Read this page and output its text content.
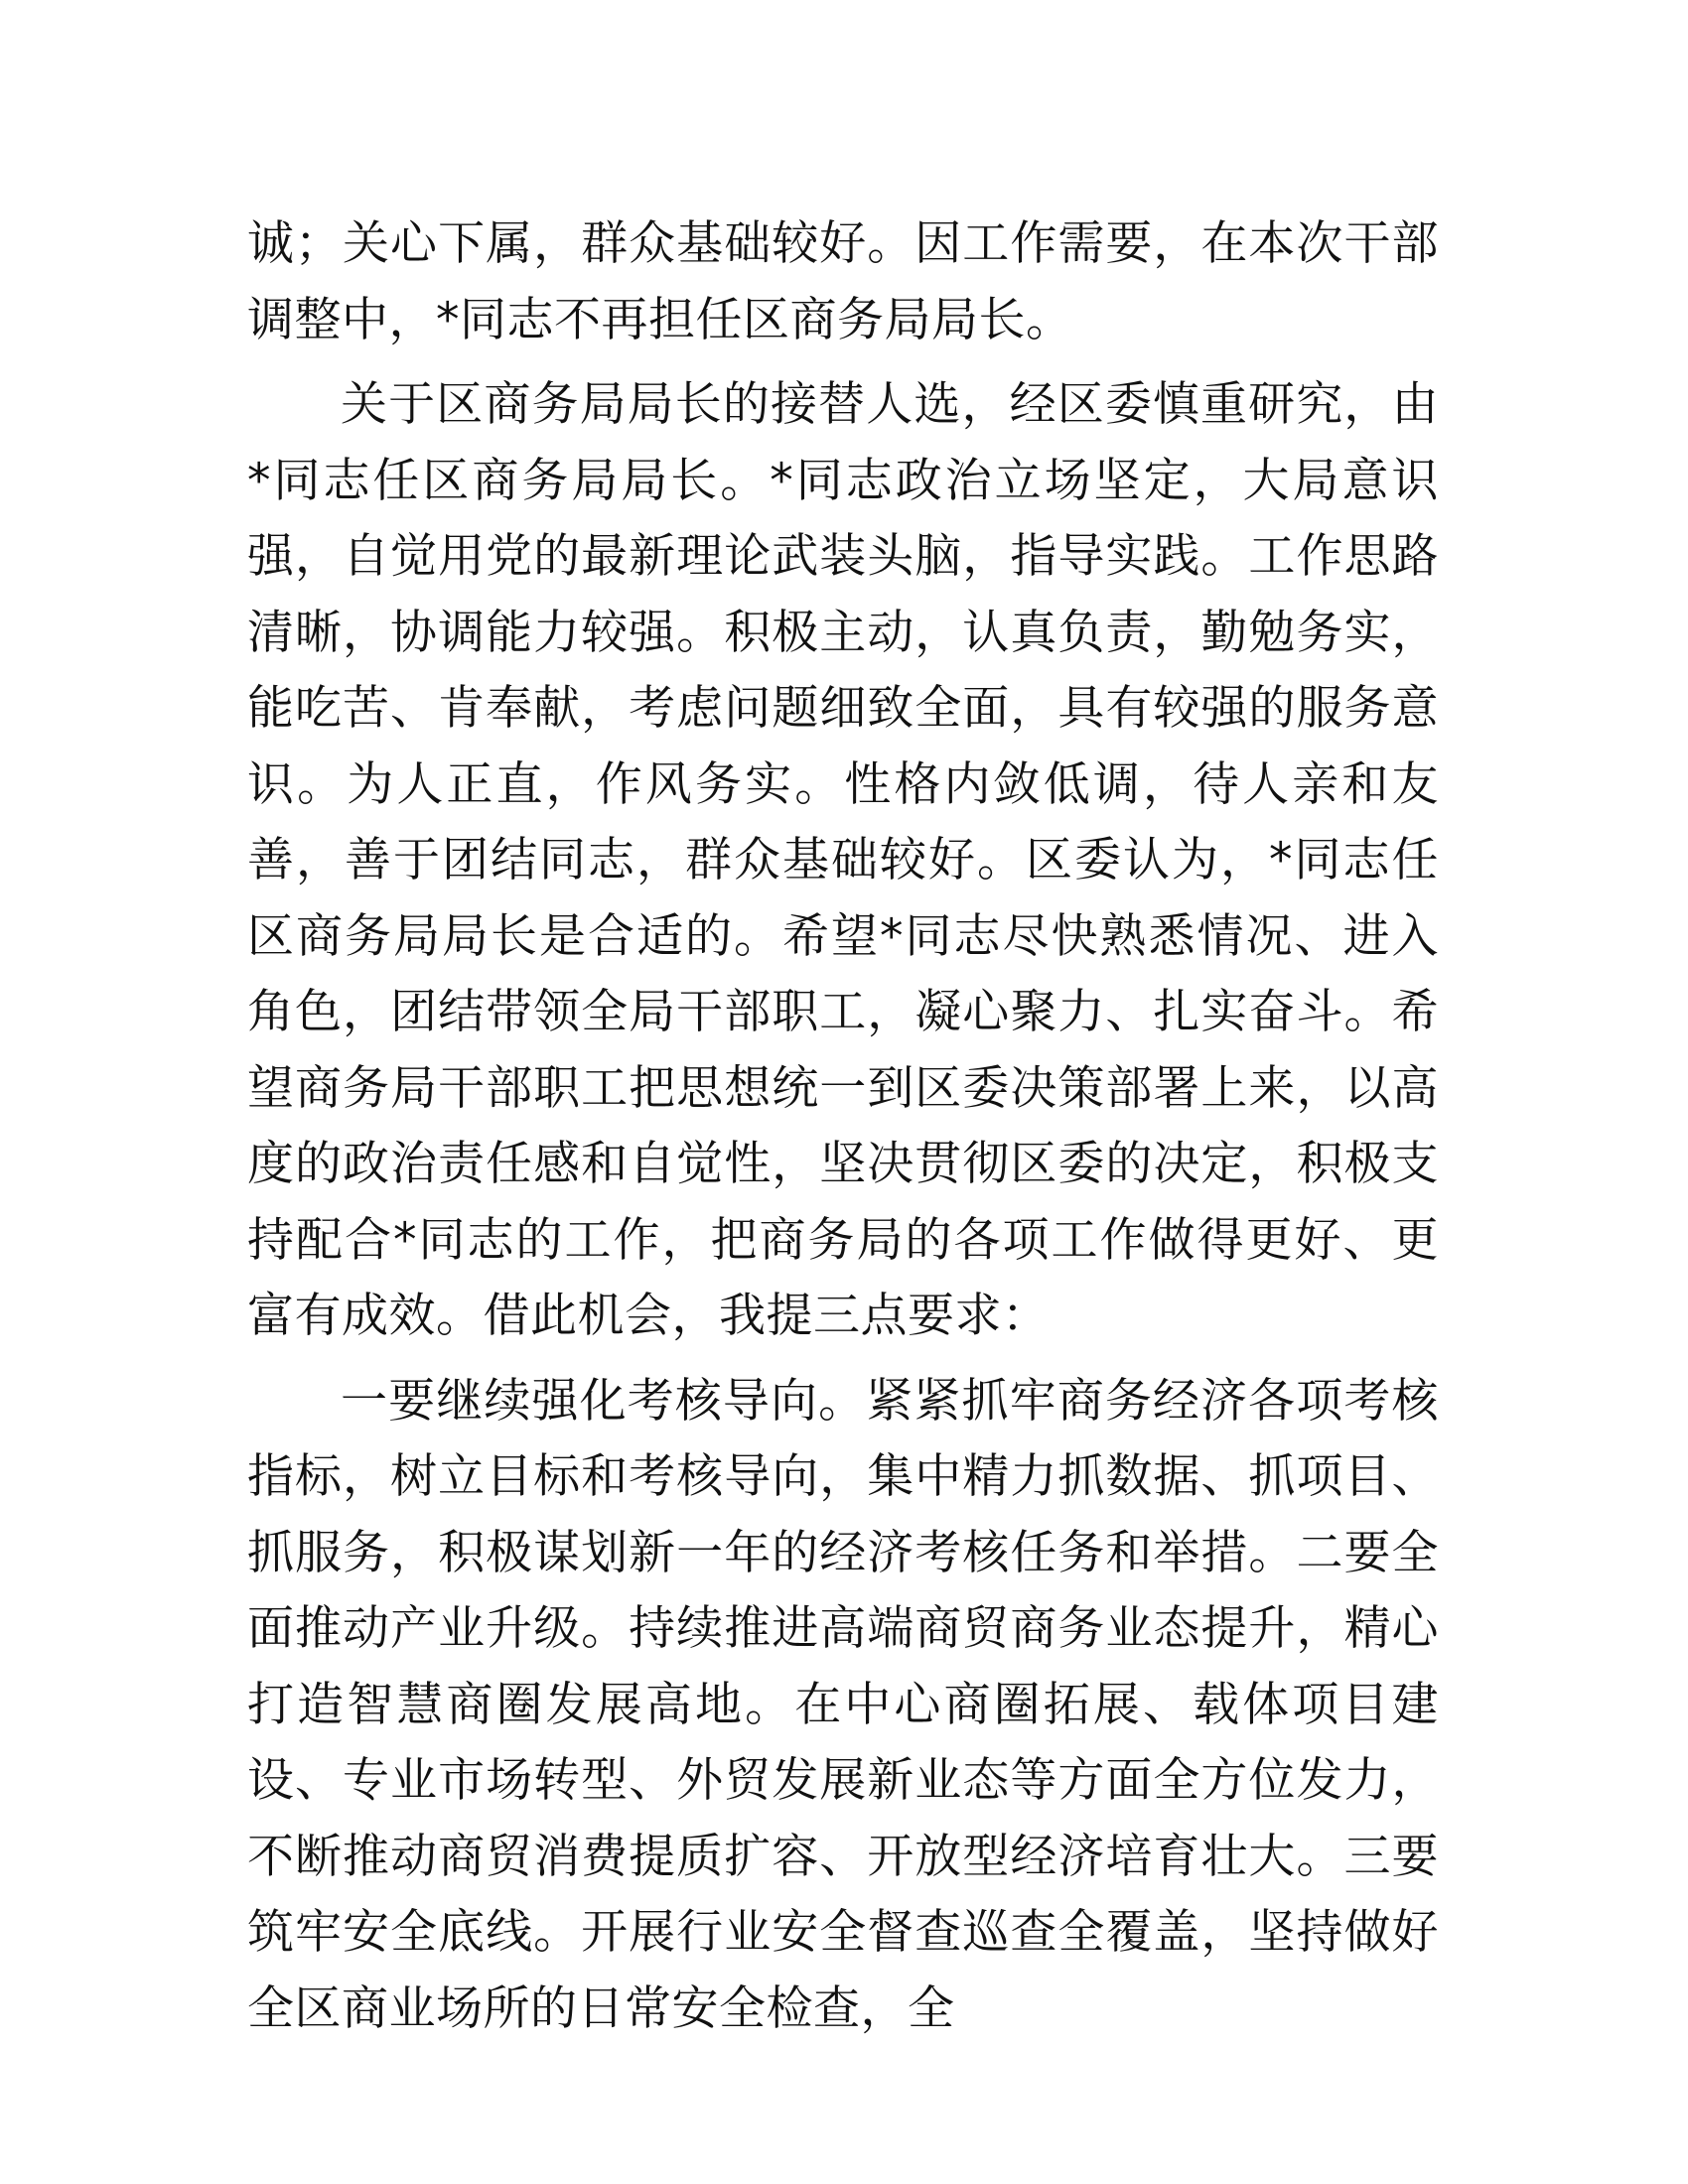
诚；关心下属，群众基础较好。因工作需要，在本次干部调整中，*同志不再担任区商务局局长。

关于区商务局局长的接替人选，经区委慎重研究，由*同志任区商务局局长。*同志政治立场坚定，大局意识强，自觉用党的最新理论武装头脑，指导实践。工作思路清晰，协调能力较强。积极主动，认真负责，勤勉务实，能吃苦、肯奉献，考虑问题细致全面，具有较强的服务意识。为人正直，作风务实。性格内敛低调，待人亲和友善，善于团结同志，群众基础较好。区委认为，*同志任区商务局局长是合适的。希望*同志尽快熟悉情况、进入角色，团结带领全局干部职工，凝心聚力、扎实奋斗。希望商务局干部职工把思想统一到区委决策部署上来，以高度的政治责任感和自觉性，坚决贯彻区委的决定，积极支持配合*同志的工作，把商务局的各项工作做得更好、更富有成效。借此机会，我提三点要求：

一要继续强化考核导向。紧紧抓牢商务经济各项考核指标，树立目标和考核导向，集中精力抓数据、抓项目、抓服务，积极谋划新一年的经济考核任务和举措。二要全面推动产业升级。持续推进高端商贸商务业态提升，精心打造智慧商圈发展高地。在中心商圈拓展、载体项目建设、专业市场转型、外贸发展新业态等方面全方位发力，不断推动商贸消费提质扩容、开放型经济培育壮大。三要筑牢安全底线。开展行业安全督查巡查全覆盖，坚持做好全区商业场所的日常安全检查，全
